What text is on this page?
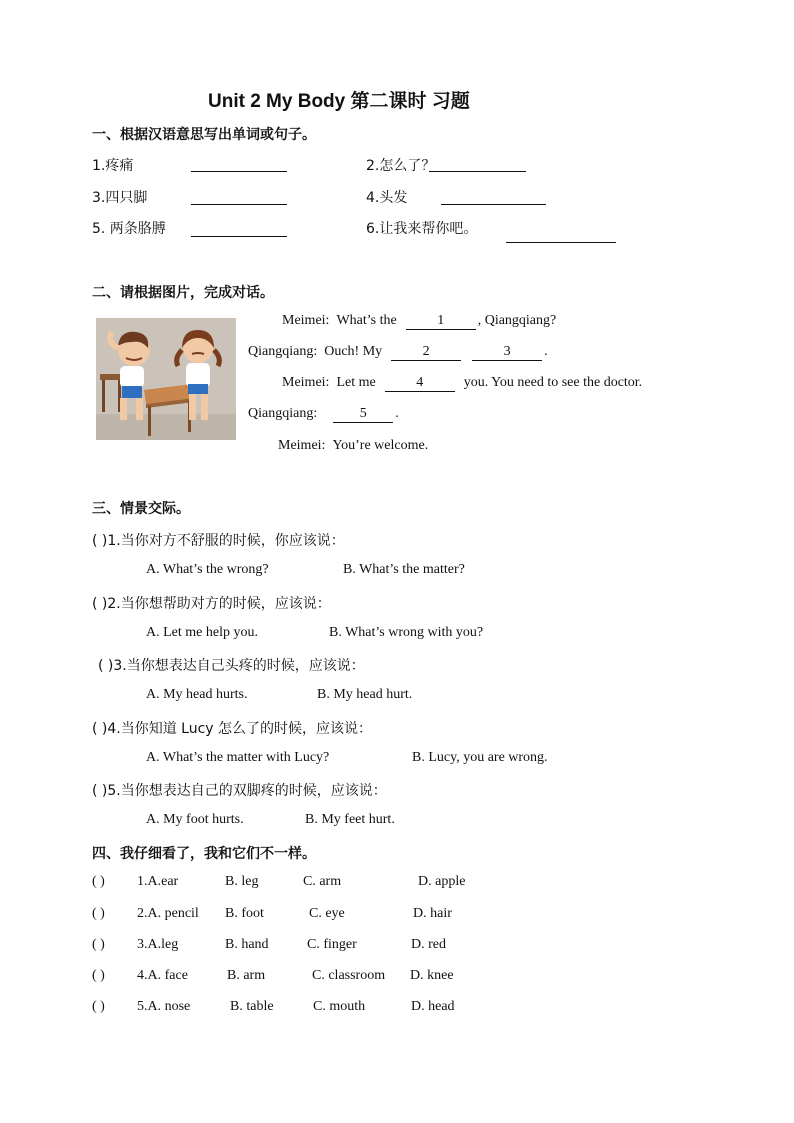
Unit 2 My Body 第二课时 习题
一、根据汉语意思写出单词或句子。
1.疼痛	2.怎么了？
3.四只脚	4.头发
5. 两条胳膊	6.让我来帮你吧。
二、请根据图片，完成对话。
Meimei: What’s the	1 , Qiangqiang?
Qiangqiang: Ouch! My	2	3 .
Meimei: Let me	4	you. You need to see the doctor.
Qiangqiang:	5 .
Meimei: You’re welcome.
三、情景交际。
( )1.当你对方不舒服的时候，你应该说：
A. What’s the wrong?	B. What’s the matter?
( )2.当你想帮助对方的时候，应该说：
A. Let me help you.	B. What’s wrong with you?
( )3.当你想表达自己头疼的时候，应该说：
A. My head hurts.	B. My head hurt.
( )4.当你知道 Lucy 怎么了的时候，应该说：
A. What’s the matter with Lucy?	B. Lucy, you are wrong.
( )5.当你想表达自己的双脚疼的时候，应该说：
A. My foot hurts.	B. My feet hurt.
四、我仔细看了，我和它们不一样。
( ) 1.A.ear	B. leg	C. arm	D. apple
( ) 2.A. pencil B. foot	C. eye	D. hair
( ) 3.A.leg	B. hand	C. finger	D. red
( ) 4.A. face	B. arm	C. classroom D. knee
( ) 5.A. nose	B. table	C. mouth	D. head
